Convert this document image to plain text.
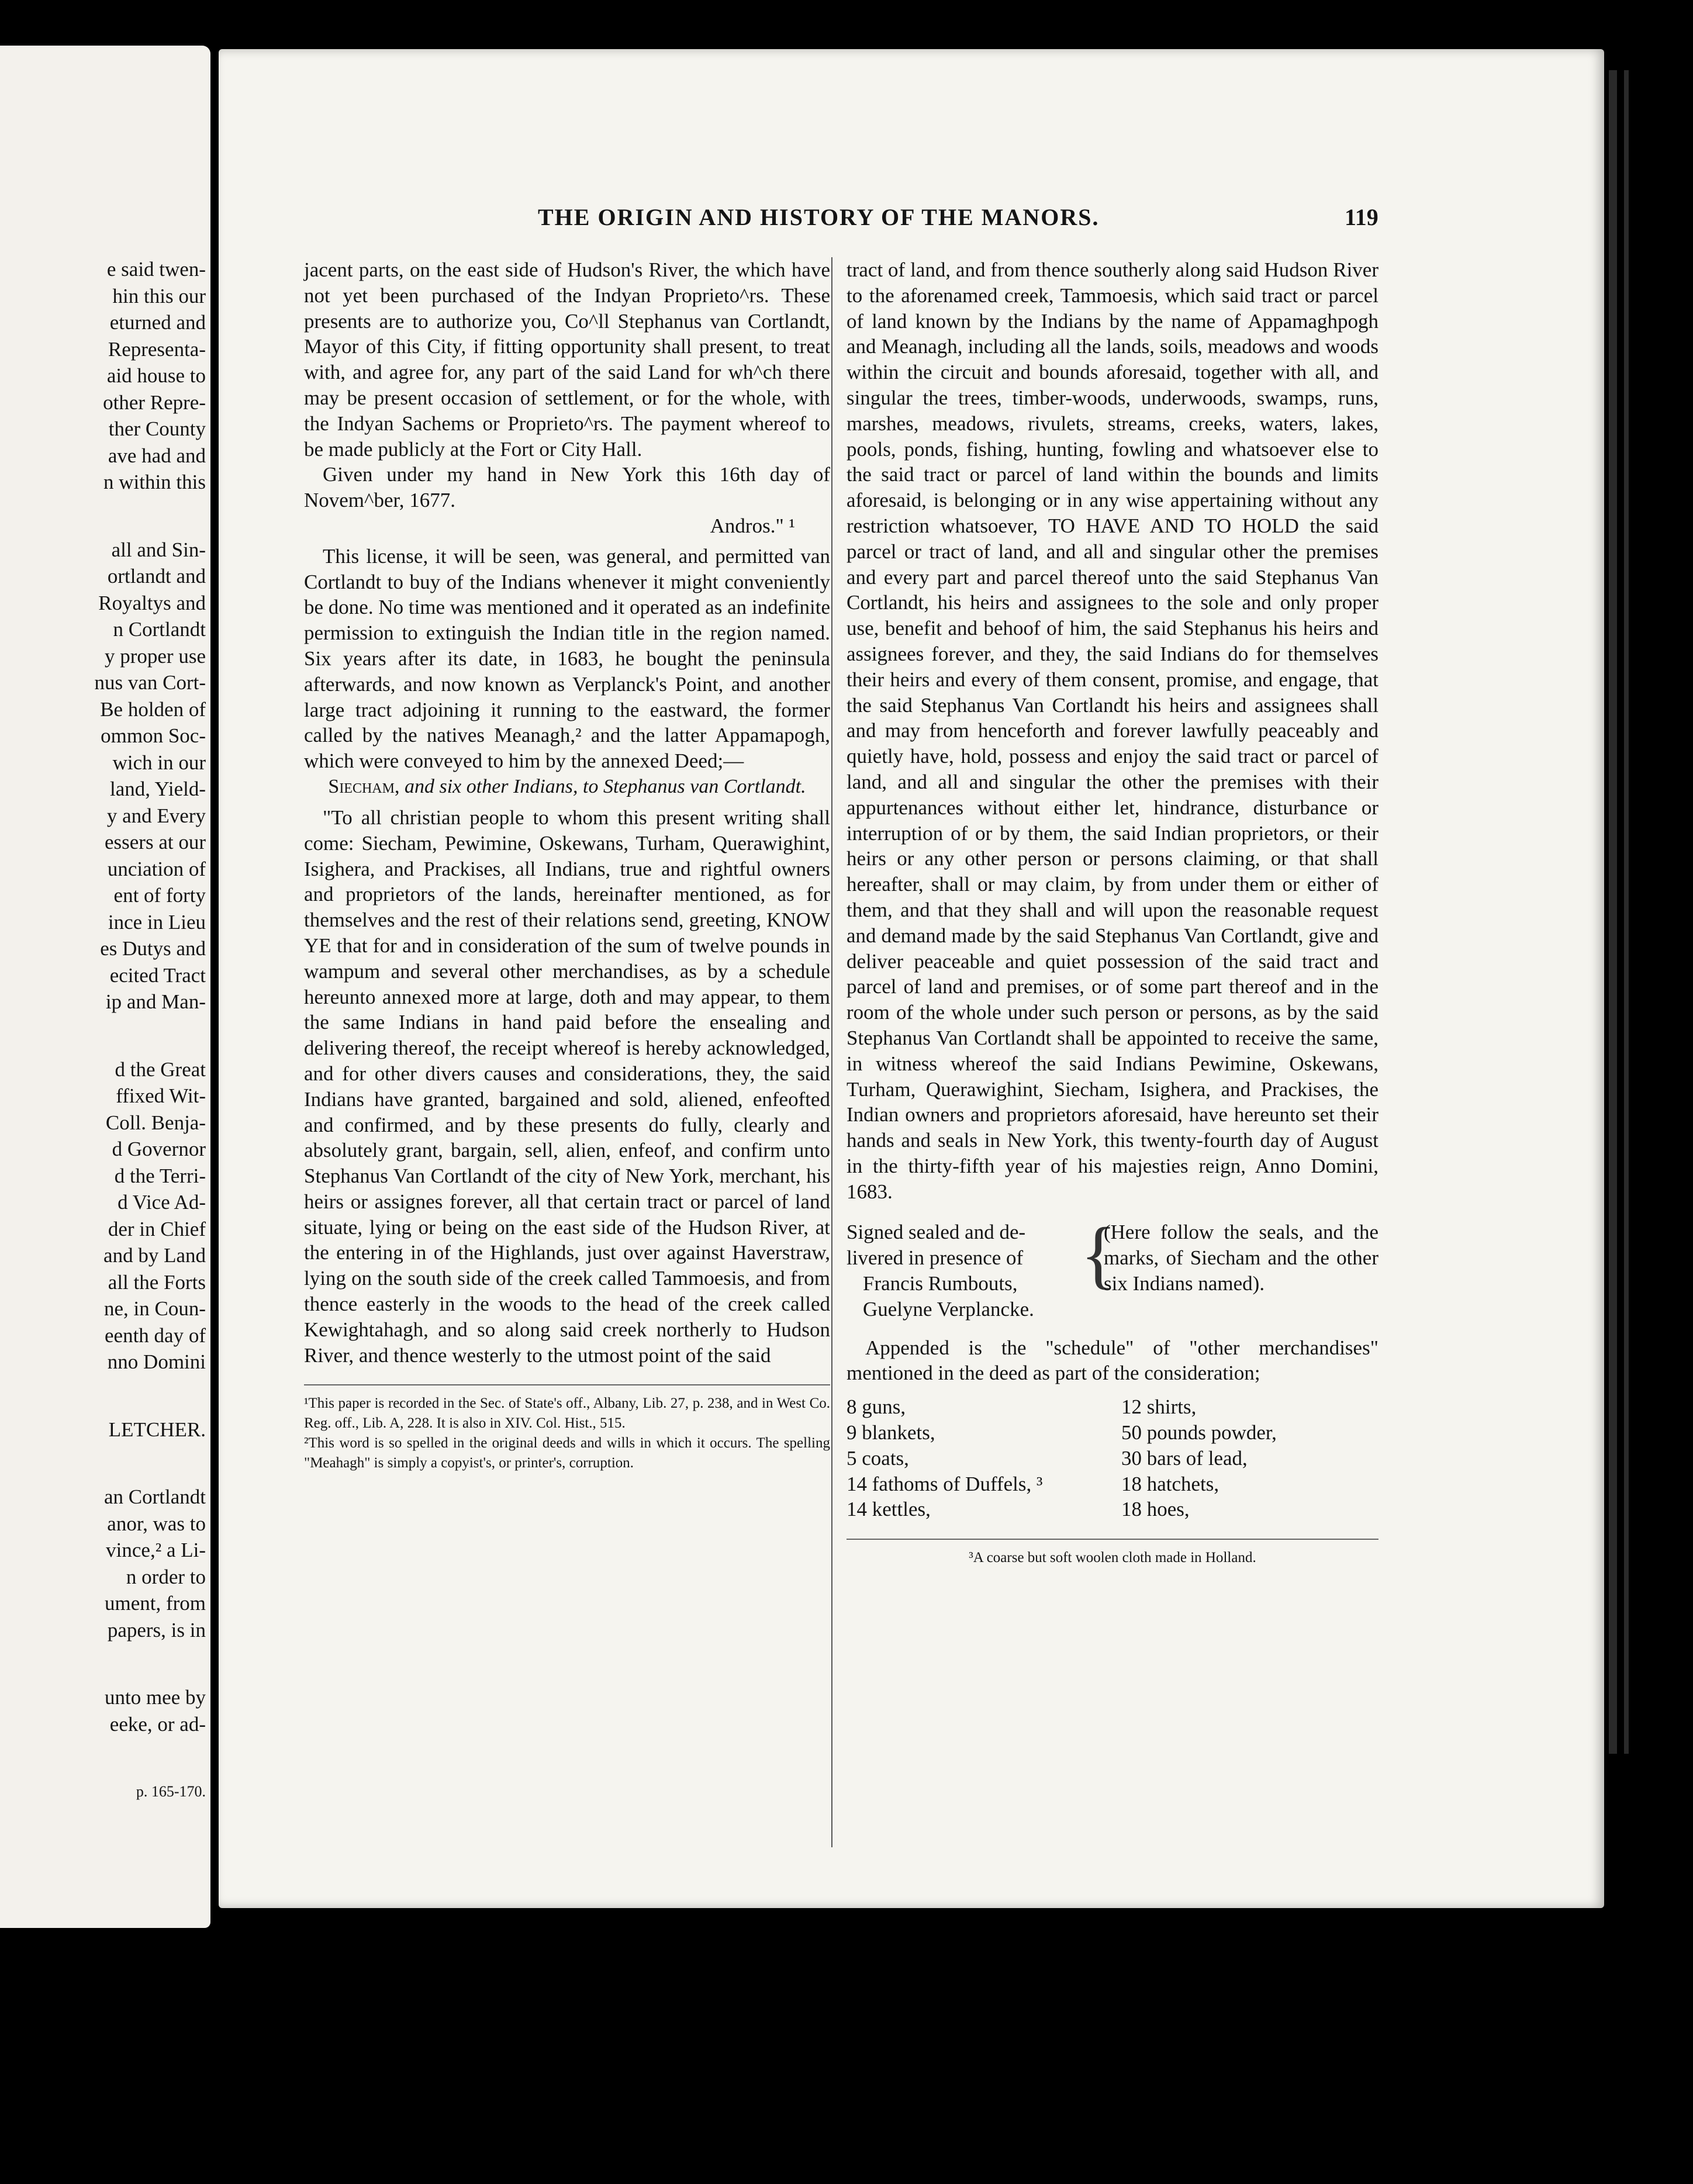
e said twen-
hin this our
eturned and
Representa-
aid house to
other Repre-
ther County
ave had and
n within this
all and Sin-
ortlandt and
Royaltys and
n Cortlandt
y proper use
nus van Cort-
Be holden of
ommon Soc-
wich in our
land, Yield-
y and Every
essers at our
unciation of
ent of forty
ince in Lieu
es Dutys and
ecited Tract
ip and Man-
d the Great
ffixed Wit-
Coll. Benja-
d Governor
d the Terri-
d Vice Ad-
der in Chief
and by Land
all the Forts
ne, in Coun-
eenth day of
nno Domini
LETCHER.
an Cortlandt
anor, was to
vince,² a Li-
n order to
ument, from
papers, is in
unto mee by
eeke, or ad-
p. 165-170.
THE ORIGIN AND HISTORY OF THE MANORS.	119

jacent parts, on the east side of Hudson's River, the which have not yet been purchased of the Indyan Proprieto^rs. These presents are to authorize you, Co^ll Stephanus van Cortlandt, Mayor of this City, if fitting opportunity shall present, to treat with, and agree for, any part of the said Land for wh^ch there may be present occasion of settlement, or for the whole, with the Indyan Sachems or Proprieto^rs. The payment whereof to be made publicly at the Fort or City Hall.

Given under my hand in New York this 16th day of Novem^ber, 1677.

Andros." ¹

This license, it will be seen, was general, and permitted van Cortlandt to buy of the Indians whenever it might conveniently be done. No time was mentioned and it operated as an indefinite permission to extinguish the Indian title in the region named. Six years after its date, in 1683, he bought the peninsula afterwards, and now known as Verplanck's Point, and another large tract adjoining it running to the eastward, the former called by the natives Meanagh,² and the latter Appamapogh, which were conveyed to him by the annexed Deed;—

Siecham, and six other Indians, to Stephanus van Cortlandt.

"To all christian people to whom this present writing shall come: Siecham, Pewimine, Oskewans, Turham, Querawighint, Isighera, and Prackises, all Indians, true and rightful owners and proprietors of the lands, hereinafter mentioned, as for themselves and the rest of their relations send, greeting, KNOW YE that for and in consideration of the sum of twelve pounds in wampum and several other merchandises, as by a schedule hereunto annexed more at large, doth and may appear, to them the same Indians in hand paid before the ensealing and delivering thereof, the receipt whereof is hereby acknowledged, and for other divers causes and considerations, they, the said Indians have granted, bargained and sold, aliened, enfeofted and confirmed, and by these presents do fully, clearly and absolutely grant, bargain, sell, alien, enfeof, and confirm unto Stephanus Van Cortlandt of the city of New York, merchant, his heirs or assignes forever, all that certain tract or parcel of land situate, lying or being on the east side of the Hudson River, at the entering in of the Highlands, just over against Haverstraw, lying on the south side of the creek called Tammoesis, and from thence easterly in the woods to the head of the creek called Kewightahagh, and so along said creek northerly to Hudson River, and thence westerly to the utmost point of the said

¹This paper is recorded in the Sec. of State's off., Albany, Lib. 27, p. 238, and in West Co. Reg. off., Lib. A, 228. It is also in XIV. Col. Hist., 515.

²This word is so spelled in the original deeds and wills in which it occurs. The spelling "Meahagh" is simply a copyist's, or printer's, corruption.

tract of land, and from thence southerly along said Hudson River to the aforenamed creek, Tammoesis, which said tract or parcel of land known by the Indians by the name of Appamaghpogh and Meanagh, including all the lands, soils, meadows and woods within the circuit and bounds aforesaid, together with all, and singular the trees, timber-woods, underwoods, swamps, runs, marshes, meadows, rivulets, streams, creeks, waters, lakes, pools, ponds, fishing, hunting, fowling and whatsoever else to the said tract or parcel of land within the bounds and limits aforesaid, is belonging or in any wise appertaining without any restriction whatsoever, TO HAVE AND TO HOLD the said parcel or tract of land, and all and singular other the premises and every part and parcel thereof unto the said Stephanus Van Cortlandt, his heirs and assignees to the sole and only proper use, benefit and behoof of him, the said Stephanus his heirs and assignees forever, and they, the said Indians do for themselves their heirs and every of them consent, promise, and engage, that the said Stephanus Van Cortlandt his heirs and assignees shall and may from henceforth and forever lawfully peaceably and quietly have, hold, possess and enjoy the said tract or parcel of land, and all and singular the other the premises with their appurtenances without either let, hindrance, disturbance or interruption of or by them, the said Indian proprietors, or their heirs or any other person or persons claiming, or that shall hereafter, shall or may claim, by from under them or either of them, and that they shall and will upon the reasonable request and demand made by the said Stephanus Van Cortlandt, give and deliver peaceable and quiet possession of the said tract and parcel of land and premises, or of some part thereof and in the room of the whole under such person or persons, as by the said Stephanus Van Cortlandt shall be appointed to receive the same, in witness whereof the said Indians Pewimine, Oskewans, Turham, Querawighint, Siecham, Isighera, and Prackises, the Indian owners and proprietors aforesaid, have hereunto set their hands and seals in New York, this twenty-fourth day of August in the thirty-fifth year of his majesties reign, Anno Domini, 1683.

Signed sealed and de-

livered in presence of

Francis Rumbouts,

Guelyne Verplancke.

{
(Here follow the seals, and the marks, of Siecham and the other six Indians named).

Appended is the "schedule" of "other merchandises" mentioned in the deed as part of the consideration;

8 guns,	12 shirts,
9 blankets,	50 pounds powder,
5 coats,	30 bars of lead,
14 fathoms of Duffels, ³	18 hatchets,
14 kettles,	18 hoes,

³A coarse but soft woolen cloth made in Holland.
